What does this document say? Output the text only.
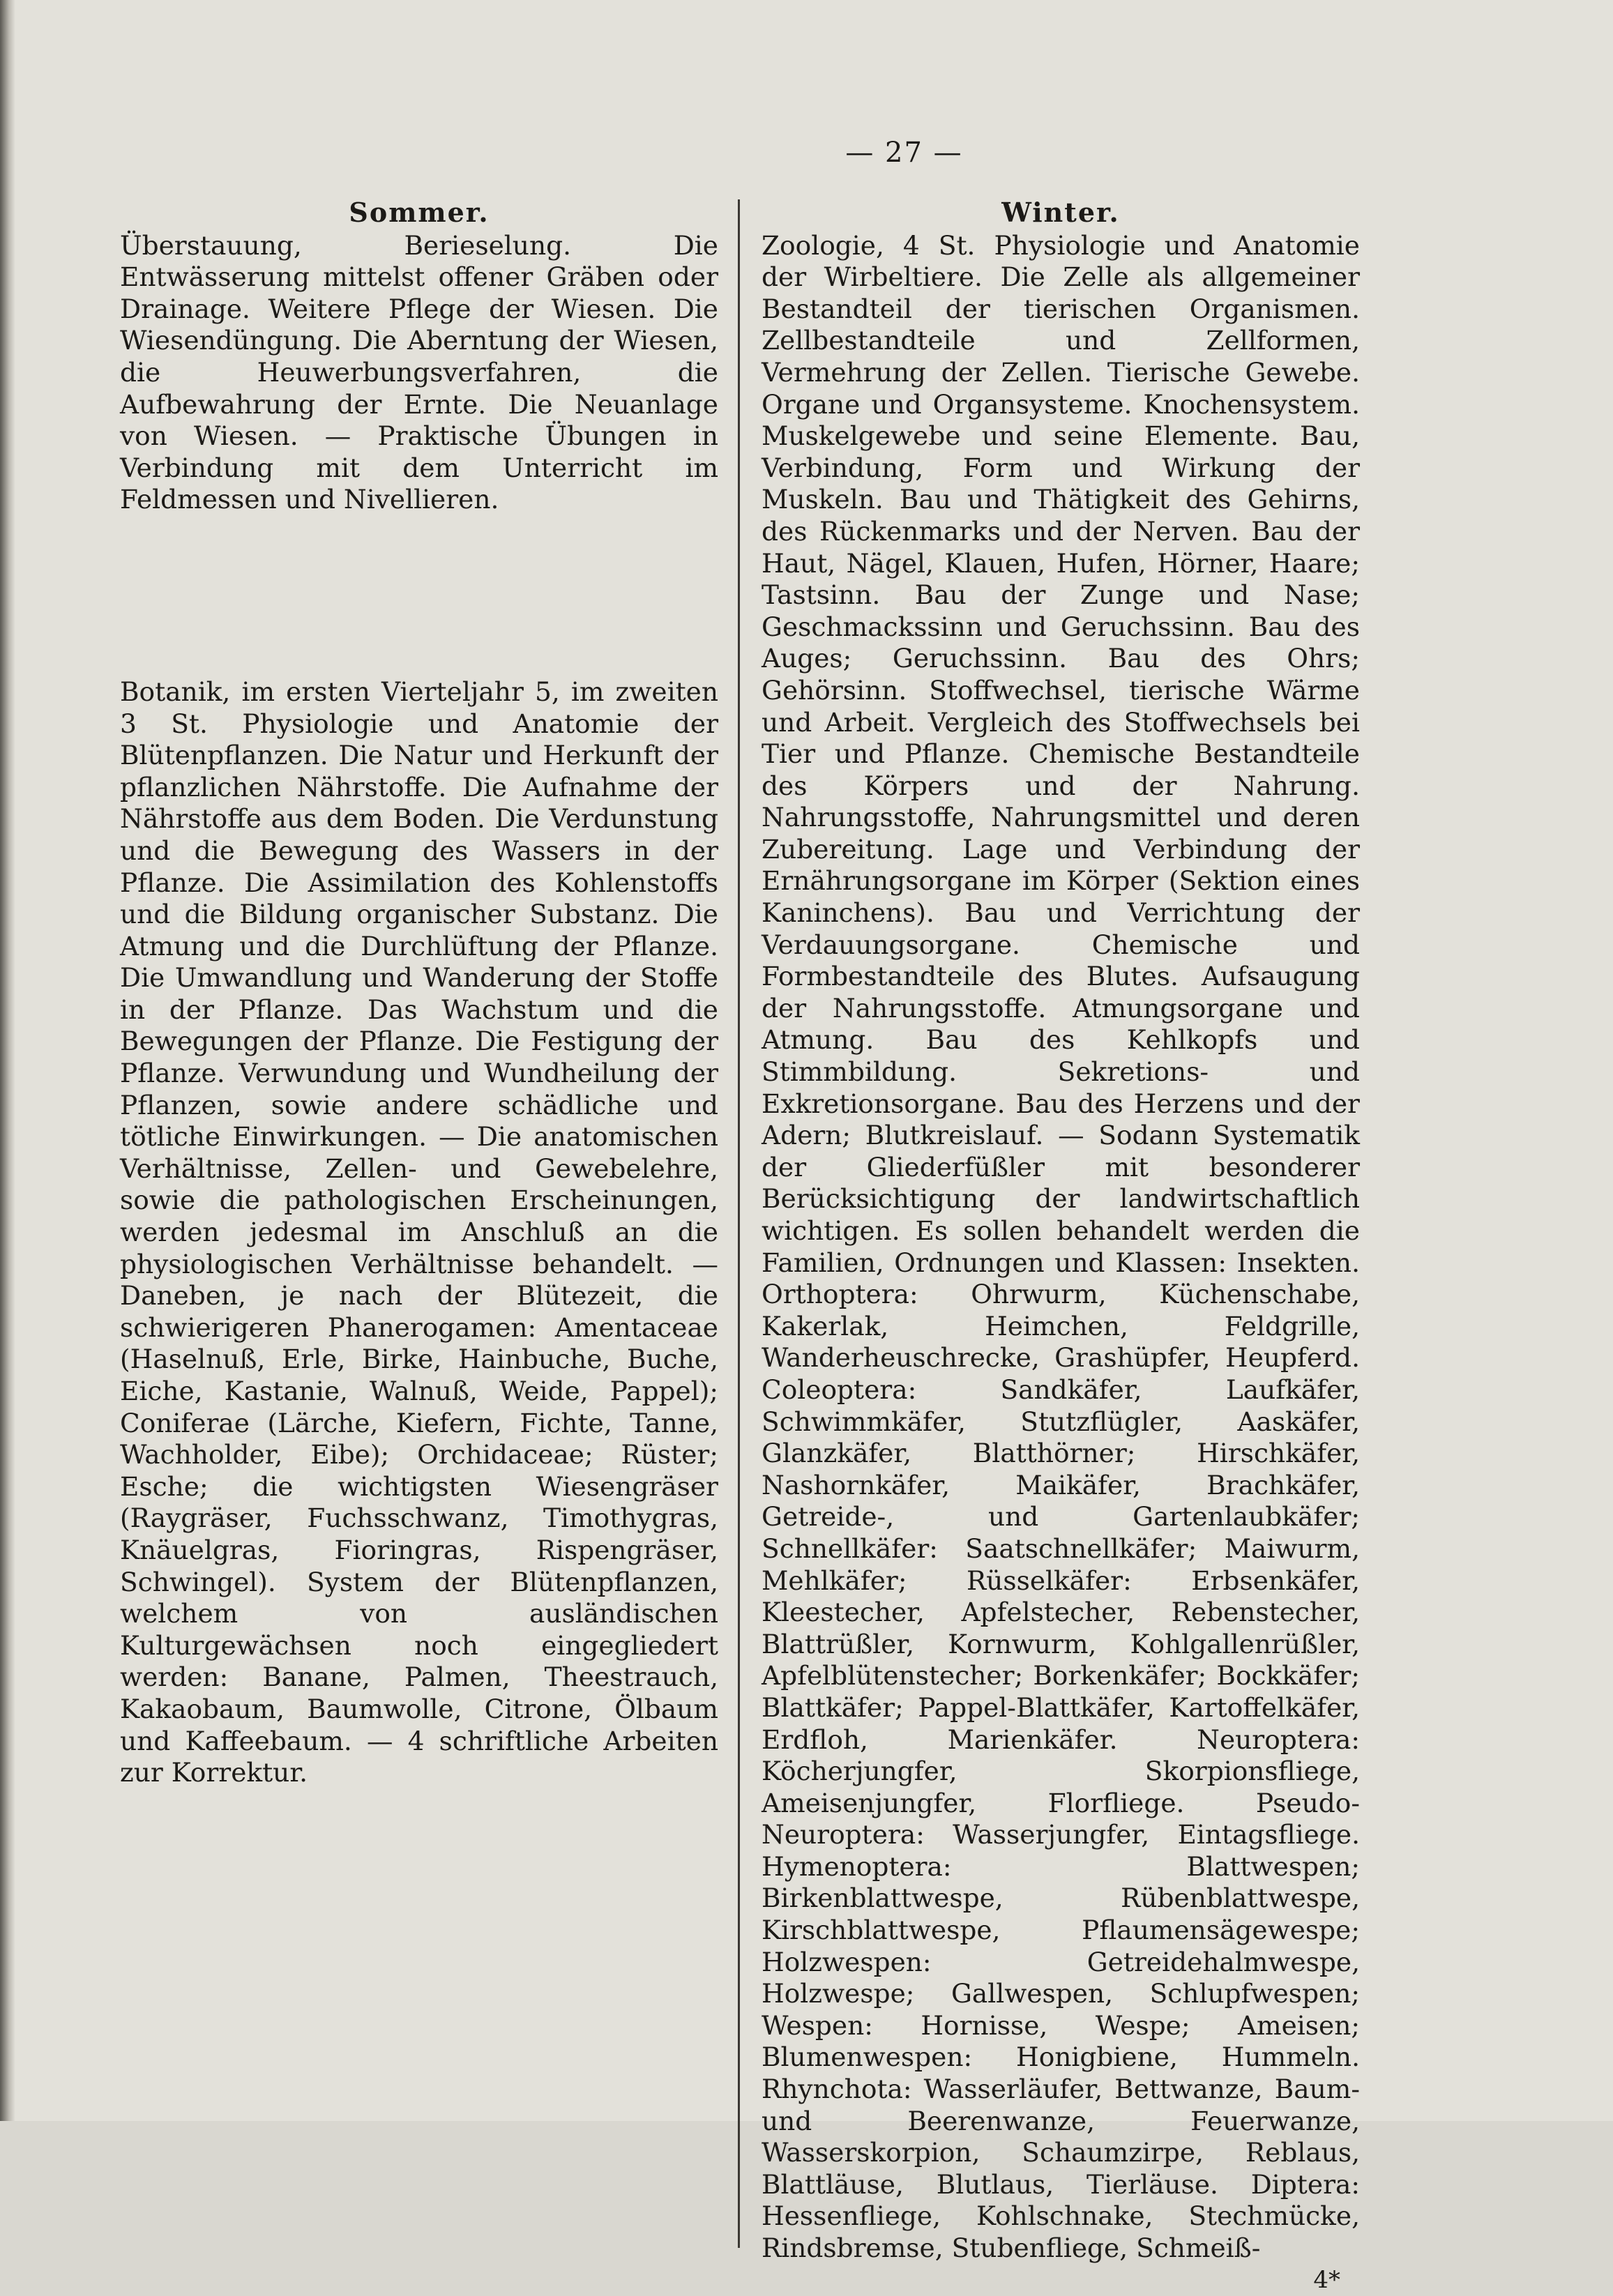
— 27 —

Sommer.

Überstauung, Berieselung. Die Entwässerung mittelst offener Gräben oder Drainage. Weitere Pflege der Wiesen. Die Wiesendüngung. Die Aberntung der Wiesen, die Heuwerbungsverfahren, die Aufbewahrung der Ernte. Die Neuanlage von Wiesen. — Praktische Übungen in Verbindung mit dem Unterricht im Feldmessen und Nivellieren.

Botanik, im ersten Vierteljahr 5, im zweiten 3 St. Physiologie und Anatomie der Blütenpflanzen. Die Natur und Herkunft der pflanzlichen Nährstoffe. Die Aufnahme der Nährstoffe aus dem Boden. Die Verdunstung und die Bewegung des Wassers in der Pflanze. Die Assimilation des Kohlenstoffs und die Bildung organischer Substanz. Die Atmung und die Durchlüftung der Pflanze. Die Umwandlung und Wanderung der Stoffe in der Pflanze. Das Wachstum und die Bewegungen der Pflanze. Die Festigung der Pflanze. Verwundung und Wundheilung der Pflanzen, sowie andere schädliche und tötliche Einwirkungen. — Die anatomischen Verhältnisse, Zellen- und Gewebelehre, sowie die pathologischen Erscheinungen, werden jedesmal im Anschluß an die physiologischen Verhältnisse behandelt. — Daneben, je nach der Blütezeit, die schwierigeren Phanerogamen: Amentaceae (Haselnuß, Erle, Birke, Hainbuche, Buche, Eiche, Kastanie, Walnuß, Weide, Pappel); Coniferae (Lärche, Kiefern, Fichte, Tanne, Wachholder, Eibe); Orchidaceae; Rüster; Esche; die wichtigsten Wiesengräser (Raygräser, Fuchsschwanz, Timothygras, Knäuelgras, Fioringras, Rispengräser, Schwingel). System der Blütenpflanzen, welchem von ausländischen Kulturgewächsen noch eingegliedert werden: Banane, Palmen, Theestrauch, Kakaobaum, Baumwolle, Citrone, Ölbaum und Kaffeebaum. — 4 schriftliche Arbeiten zur Korrektur.

Winter.

Zoologie, 4 St. Physiologie und Anatomie der Wirbeltiere. Die Zelle als allgemeiner Bestandteil der tierischen Organismen. Zellbestandteile und Zellformen, Vermehrung der Zellen. Tierische Gewebe. Organe und Organsysteme. Knochensystem. Muskelgewebe und seine Elemente. Bau, Verbindung, Form und Wirkung der Muskeln. Bau und Thätigkeit des Gehirns, des Rückenmarks und der Nerven. Bau der Haut, Nägel, Klauen, Hufen, Hörner, Haare; Tastsinn. Bau der Zunge und Nase; Geschmackssinn und Geruchssinn. Bau des Auges; Geruchssinn. Bau des Ohrs; Gehörsinn. Stoffwechsel, tierische Wärme und Arbeit. Vergleich des Stoffwechsels bei Tier und Pflanze. Chemische Bestandteile des Körpers und der Nahrung. Nahrungsstoffe, Nahrungsmittel und deren Zubereitung. Lage und Verbindung der Ernährungsorgane im Körper (Sektion eines Kaninchens). Bau und Verrichtung der Verdauungsorgane. Chemische und Formbestandteile des Blutes. Aufsaugung der Nahrungsstoffe. Atmungsorgane und Atmung. Bau des Kehlkopfs und Stimmbildung. Sekretions- und Exkretionsorgane. Bau des Herzens und der Adern; Blutkreislauf. — Sodann Systematik der Gliederfüßler mit besonderer Berücksichtigung der landwirtschaftlich wichtigen. Es sollen behandelt werden die Familien, Ordnungen und Klassen: Insekten. Orthoptera: Ohrwurm, Küchenschabe, Kakerlak, Heimchen, Feldgrille, Wanderheuschrecke, Grashüpfer, Heupferd. Coleoptera: Sandkäfer, Laufkäfer, Schwimmkäfer, Stutzflügler, Aaskäfer, Glanzkäfer, Blatthörner; Hirschkäfer, Nashornkäfer, Maikäfer, Brachkäfer, Getreide-, und Gartenlaubkäfer; Schnellkäfer: Saatschnellkäfer; Maiwurm, Mehlkäfer; Rüsselkäfer: Erbsenkäfer, Kleestecher, Apfelstecher, Rebenstecher, Blattrüßler, Kornwurm, Kohlgallenrüßler, Apfelblütenstecher; Borkenkäfer; Bockkäfer; Blattkäfer; Pappel-Blattkäfer, Kartoffelkäfer, Erdfloh, Marienkäfer. Neuroptera: Köcherjungfer, Skorpionsfliege, Ameisenjungfer, Florfliege. Pseudo-Neuroptera: Wasserjungfer, Eintagsfliege. Hymenoptera: Blattwespen; Birkenblattwespe, Rübenblattwespe, Kirschblattwespe, Pflaumensägewespe; Holzwespen: Getreidehalmwespe, Holzwespe; Gallwespen, Schlupfwespen; Wespen: Hornisse, Wespe; Ameisen; Blumenwespen: Honigbiene, Hummeln. Rhynchota: Wasserläufer, Bettwanze, Baum- und Beerenwanze, Feuerwanze, Wasserskorpion, Schaumzirpe, Reblaus, Blattläuse, Blutlaus, Tierläuse. Diptera: Hessenfliege, Kohlschnake, Stechmücke, Rindsbremse, Stubenfliege, Schmeiß-

4*
